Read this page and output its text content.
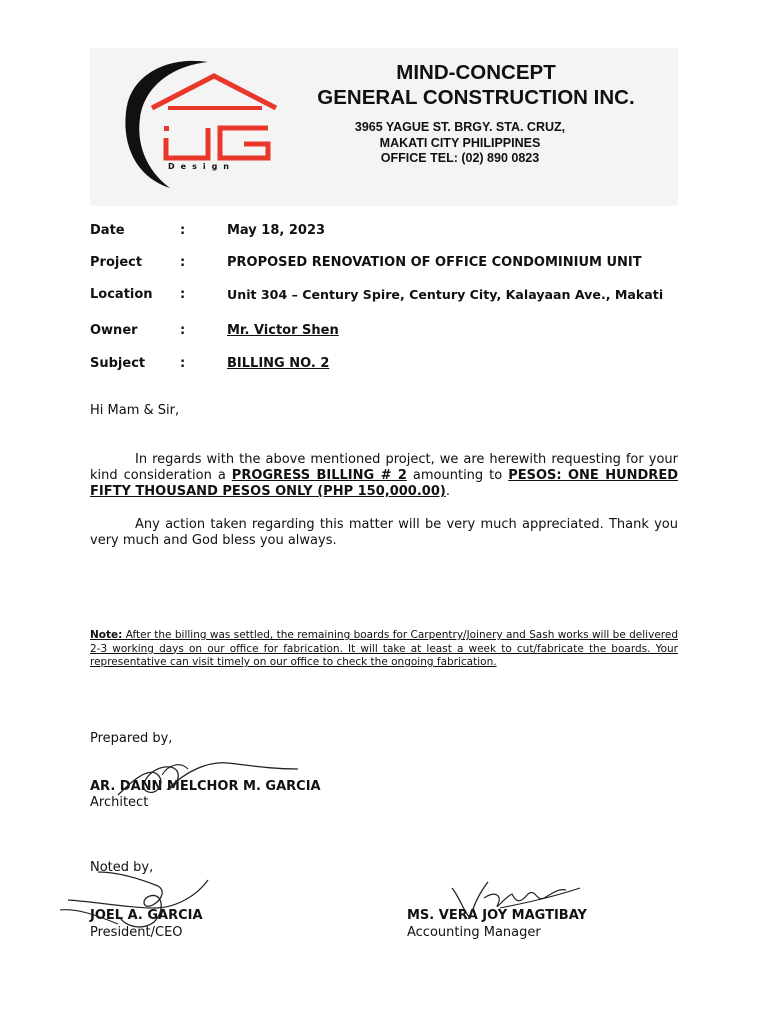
Design
MIND-CONCEPT
GENERAL CONSTRUCTION INC.
3965 YAGUE ST. BRGY. STA. CRUZ,
MAKATI CITY PHILIPPINES
OFFICE TEL: (02) 890 0823
Date	:	May 18, 2023
Project	:	PROPOSED RENOVATION OF OFFICE CONDOMINIUM UNIT
Location :	Unit 304 – Century Spire, Century City, Kalayaan Ave., Makati
Owner	:	Mr. Victor Shen
Subject	:	BILLING NO. 2
Hi Mam & Sir,
In regards with the above mentioned project, we are herewith requesting for your kind consideration a PROGRESS BILLING # 2 amounting to PESOS: ONE HUNDRED FIFTY THOUSAND PESOS ONLY (PHP 150,000.00).
Any action taken regarding this matter will be very much appreciated. Thank you very much and God bless you always.
Note: After the billing was settled, the remaining boards for Carpentry/Joinery and Sash works will be delivered 2-3 working days on our office for fabrication. It will take at least a week to cut/fabricate the boards. Your representative can visit timely on our office to check the ongoing fabrication.
Prepared by,
AR. DANN MELCHOR M. GARCIA
Architect
Noted by,
JOEL A. GARCIA
President/CEO
MS. VERA JOY MAGTIBAY
Accounting Manager
